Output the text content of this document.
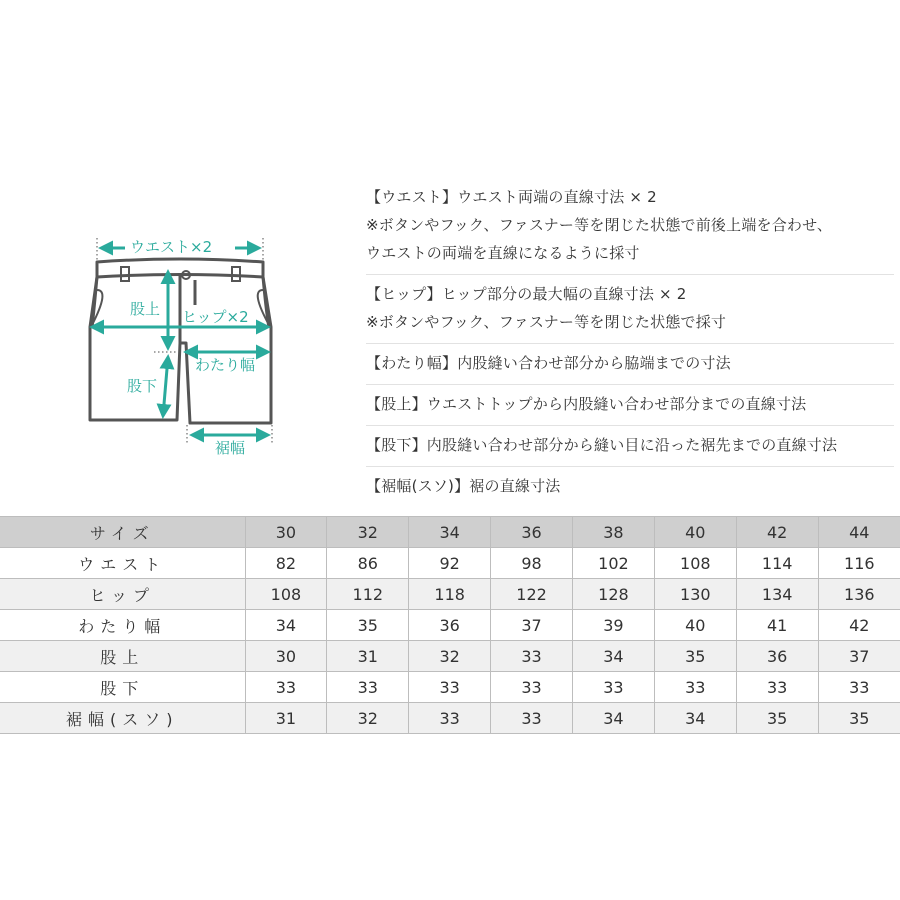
ウエスト×2
股上 ヒップ×2
わたり幅
股下
裾幅
【ウエスト】ウエスト両端の直線寸法 × 2
※ボタンやフック、ファスナー等を閉じた状態で前後上端を合わせ、
ウエストの両端を直線になるように採寸
【ヒップ】ヒップ部分の最大幅の直線寸法 × 2
※ボタンやフック、ファスナー等を閉じた状態で採寸
【わたり幅】内股縫い合わせ部分から脇端までの寸法
【股上】ウエストトップから内股縫い合わせ部分までの直線寸法
【股下】内股縫い合わせ部分から縫い目に沿った裾先までの直線寸法
【裾幅(スソ)】裾の直線寸法
サイズ	30	32	34	36	38	40	42	44
ウエスト	82	86	92	98	102	108	114	116
ヒップ	108	112	118	122	128	130	134	136
わたり幅	34	35	36	37	39	40	41	42
股上	30	31	32	33	34	35	36	37
股下	33	33	33	33	33	33	33	33
裾幅(スソ)	31	32	33	33	34	34	35	35
